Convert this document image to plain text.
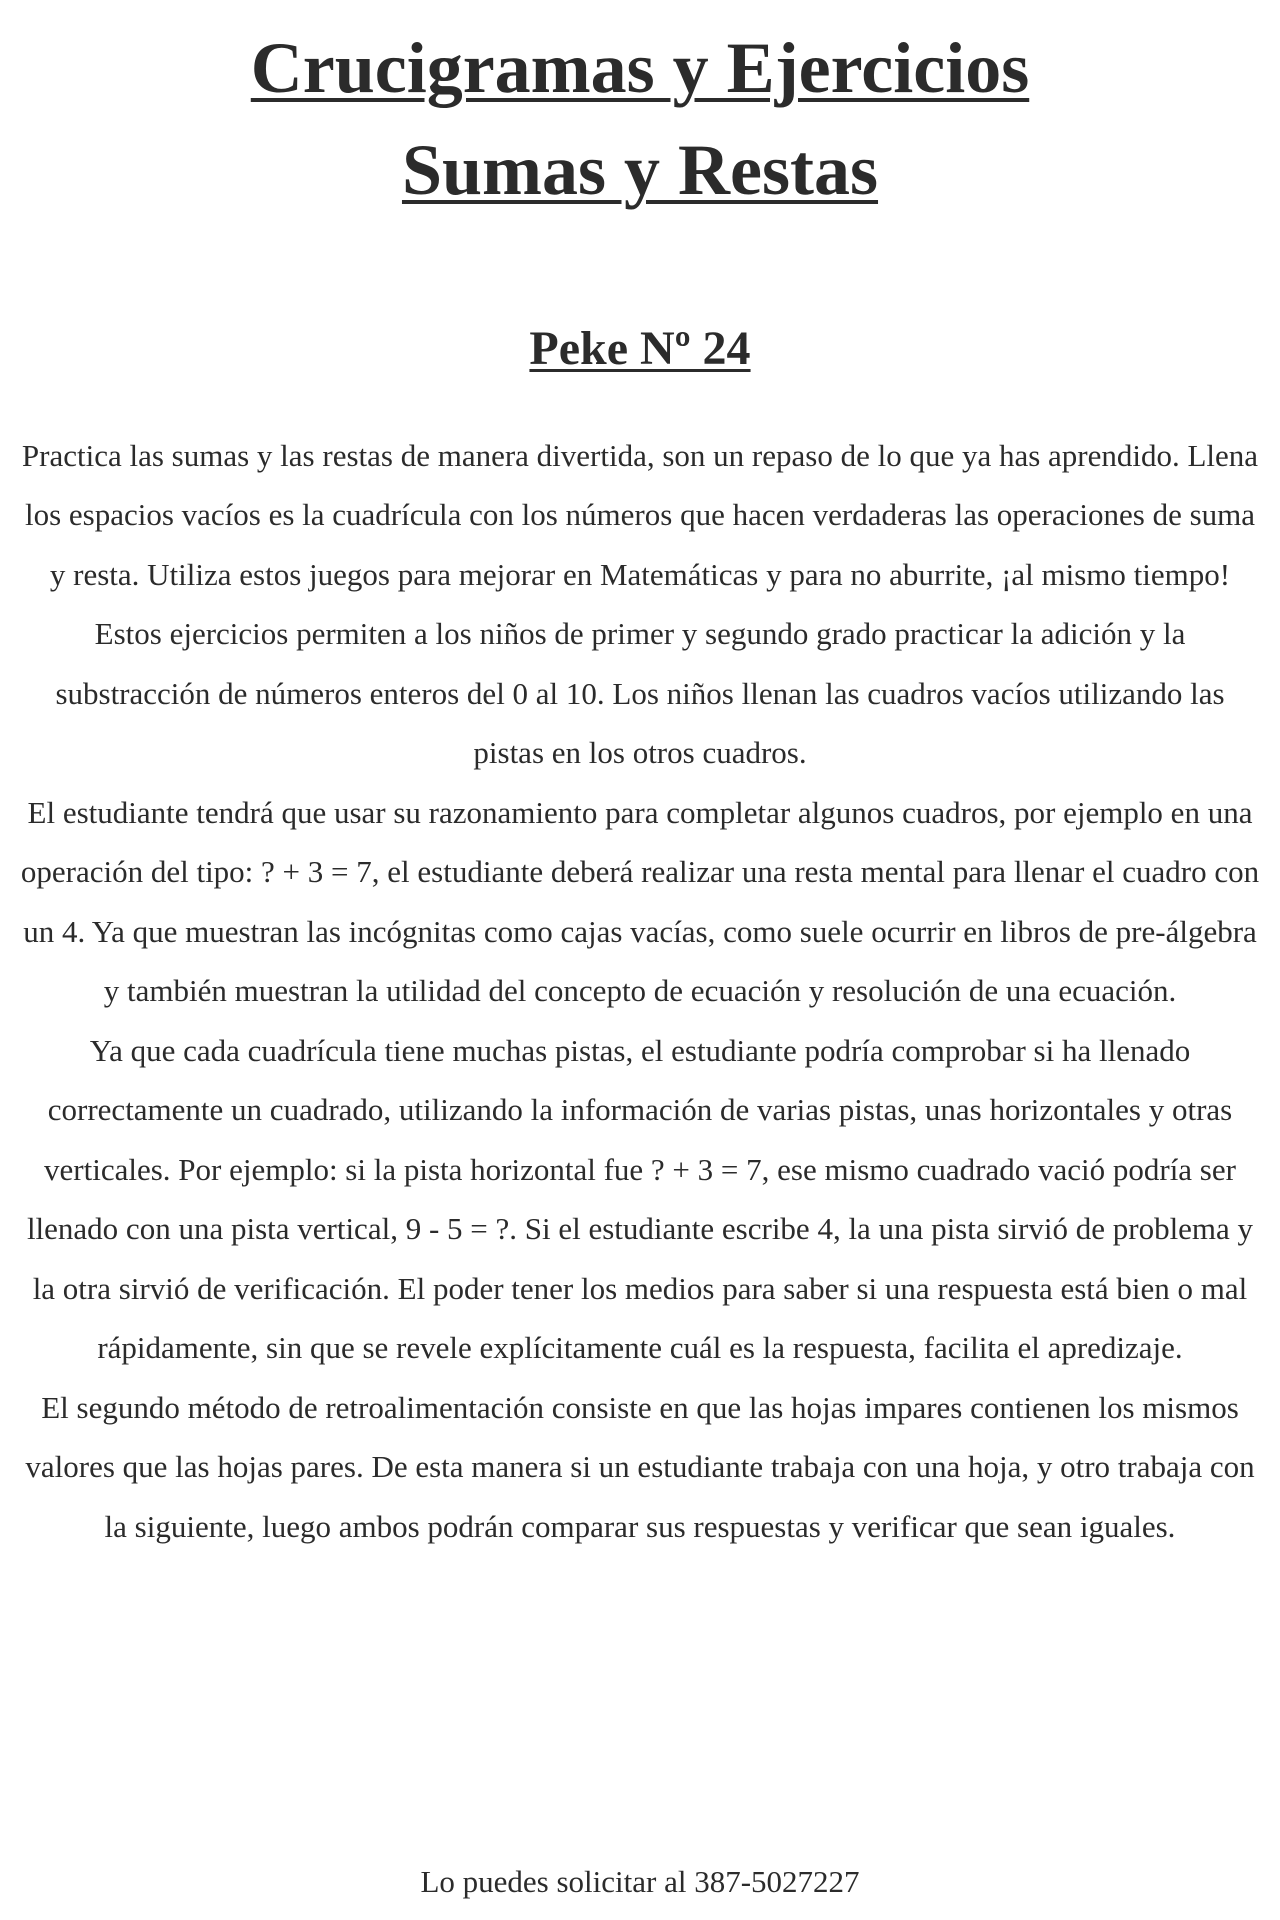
Crucigramas y Ejercicios
Sumas y Restas
Peke Nº 24

Practica las sumas y las restas de manera divertida, son un repaso de lo que ya has aprendido. Llena los espacios vacíos es la cuadrícula con los números que hacen verdaderas las operaciones de suma y resta. Utiliza estos juegos para mejorar en Matemáticas y para no aburrite, ¡al mismo tiempo!

Estos ejercicios permiten a los niños de primer y segundo grado practicar la adición y la substracción de números enteros del 0 al 10. Los niños llenan las cuadros vacíos utilizando las pistas en los otros cuadros.

El estudiante tendrá que usar su razonamiento para completar algunos cuadros, por ejemplo en una operación del tipo: ? + 3 = 7, el estudiante deberá realizar una resta mental para llenar el cuadro con un 4. Ya que muestran las incógnitas como cajas vacías, como suele ocurrir en libros de pre-álgebra y también muestran la utilidad del concepto de ecuación y resolución de una ecuación.

Ya que cada cuadrícula tiene muchas pistas, el estudiante podría comprobar si ha llenado correctamente un cuadrado, utilizando la información de varias pistas, unas horizontales y otras verticales. Por ejemplo: si la pista horizontal fue ? + 3 = 7, ese mismo cuadrado vació podría ser llenado con una pista vertical, 9 - 5 = ?. Si el estudiante escribe 4, la una pista sirvió de problema y la otra sirvió de verificación. El poder tener los medios para saber si una respuesta está bien o mal rápidamente, sin que se revele explícitamente cuál es la respuesta, facilita el apredizaje.

El segundo método de retroalimentación consiste en que las hojas impares contienen los mismos valores que las hojas pares. De esta manera si un estudiante trabaja con una hoja, y otro trabaja con la siguiente, luego ambos podrán comparar sus respuestas y verificar que sean iguales.

Lo puedes solicitar al 387-5027227
